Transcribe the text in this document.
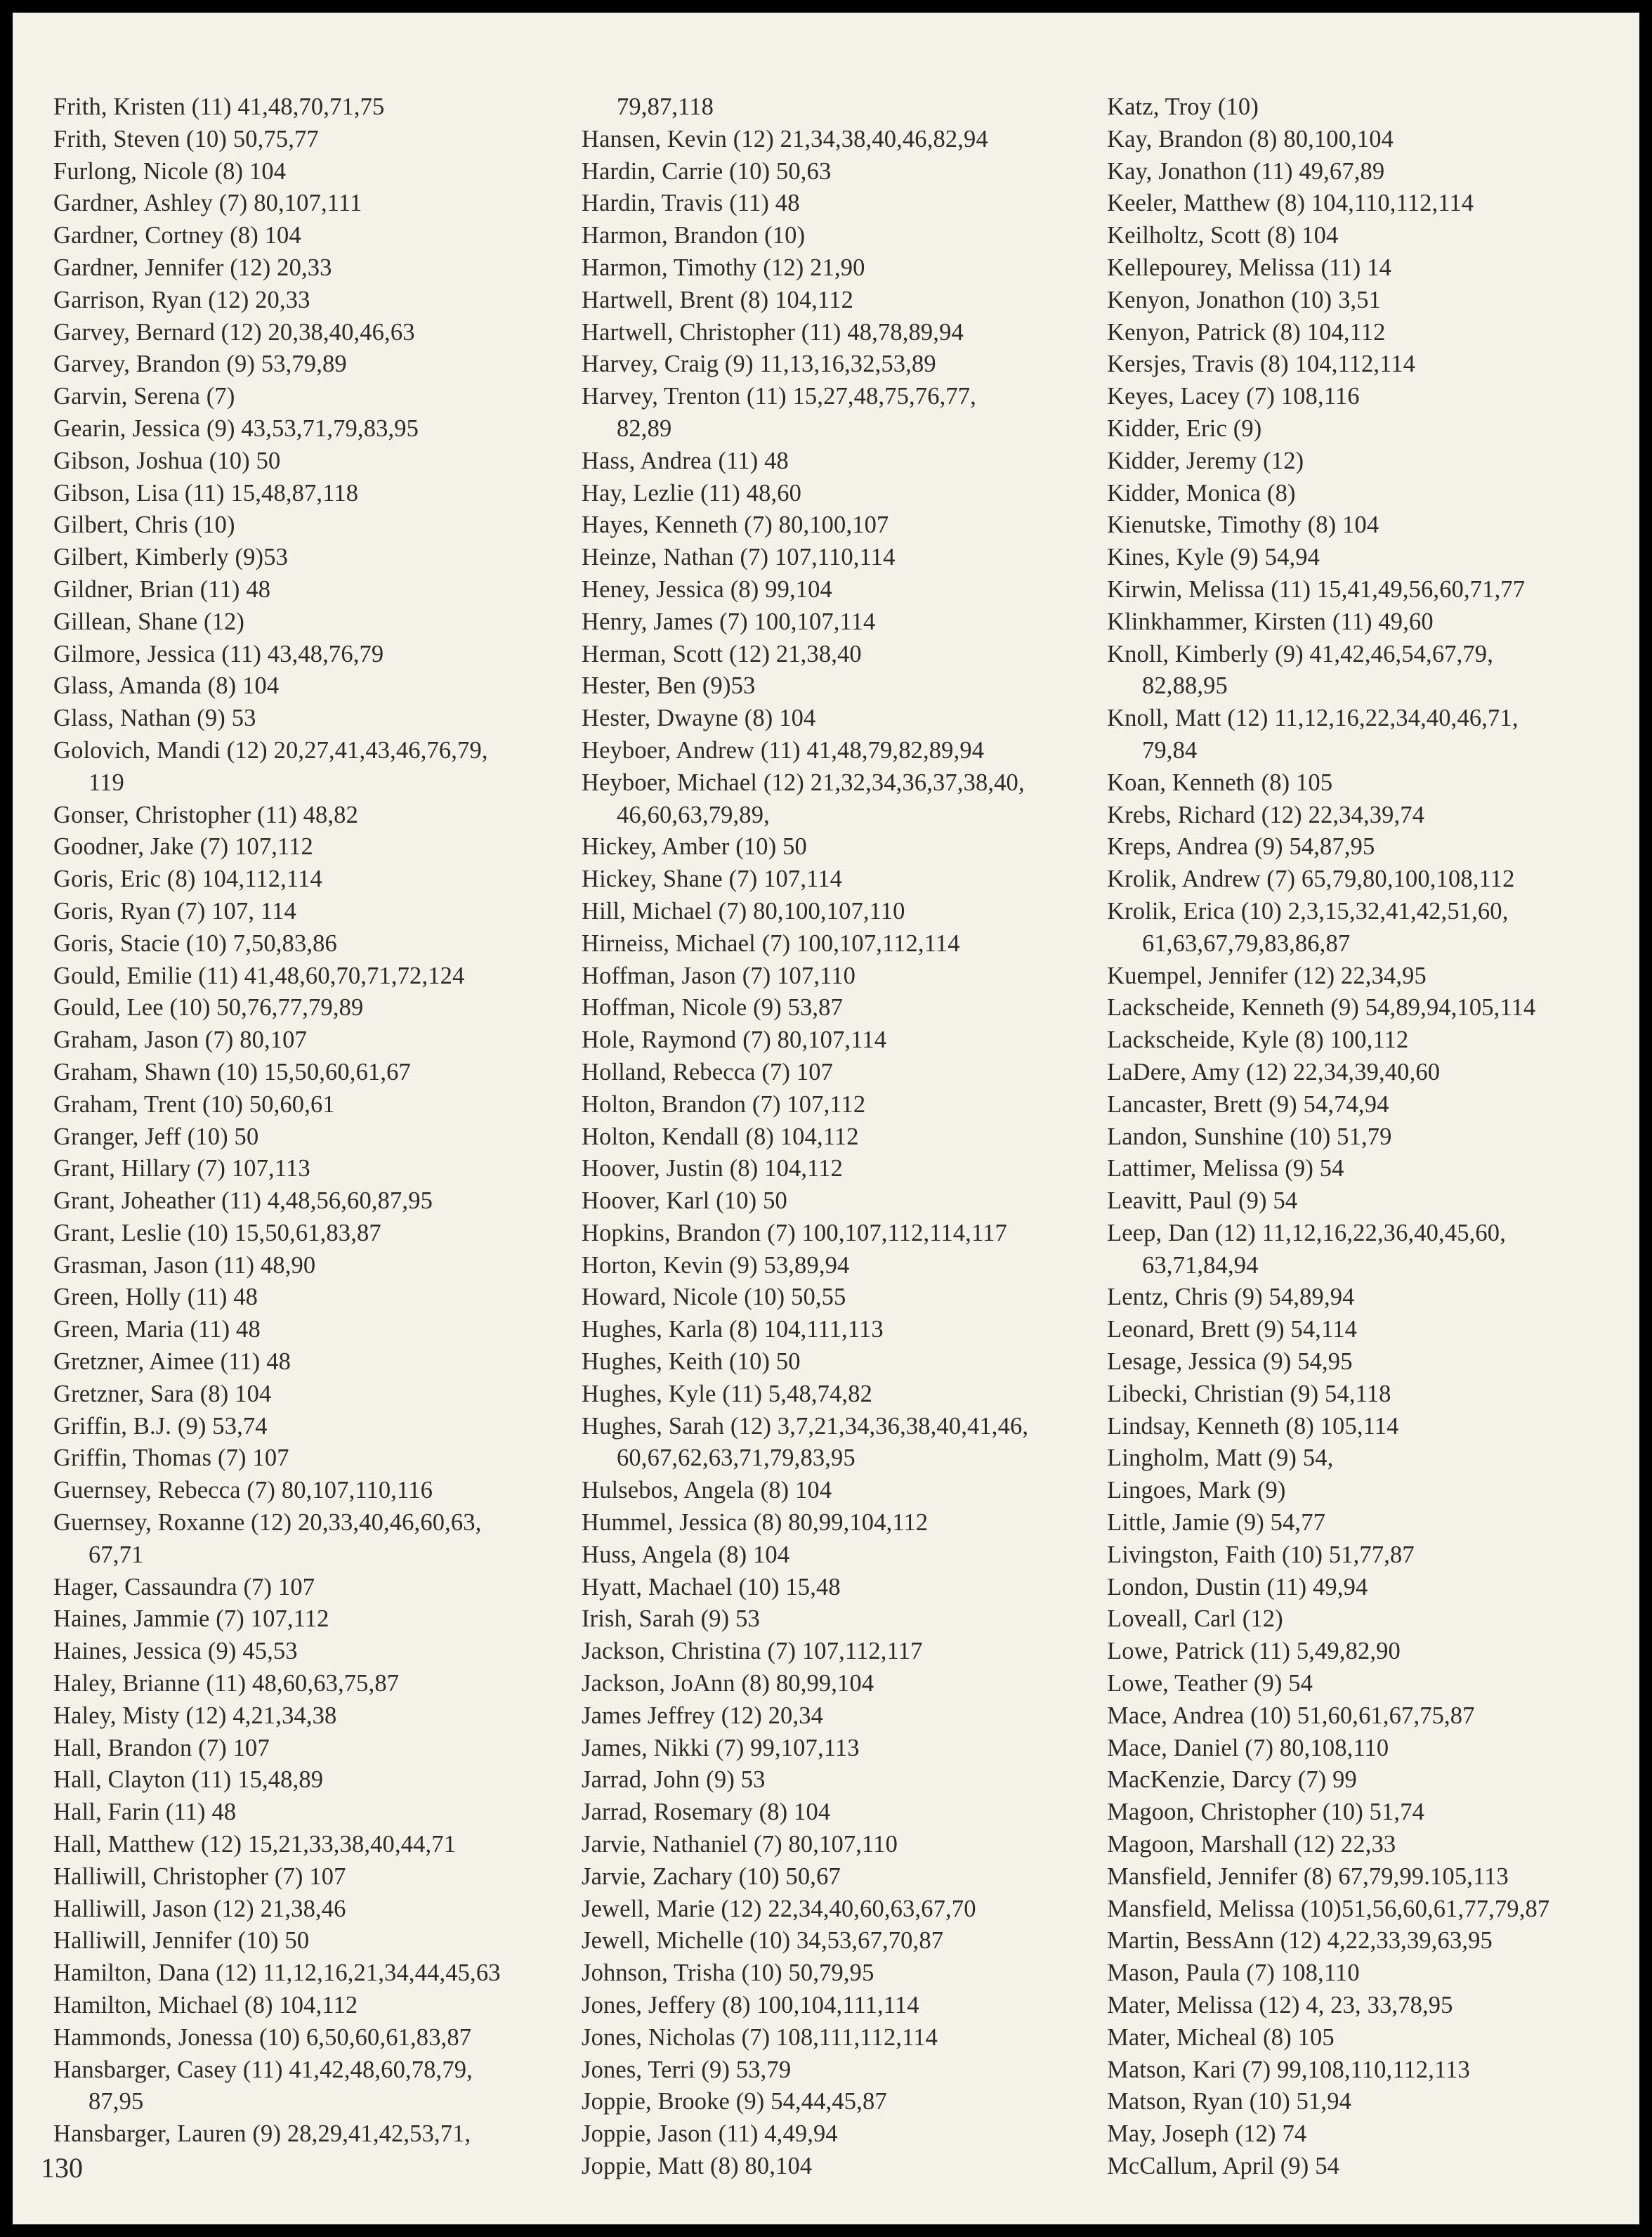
Frith, Kristen (11) 41,48,70,71,75
Frith, Steven (10) 50,75,77
Furlong, Nicole (8) 104
Gardner, Ashley (7) 80,107,111
Gardner, Cortney (8) 104
Gardner, Jennifer (12) 20,33
Garrison, Ryan (12) 20,33
Garvey, Bernard (12) 20,38,40,46,63
Garvey, Brandon (9) 53,79,89
Garvin, Serena (7)
Gearin, Jessica (9) 43,53,71,79,83,95
Gibson, Joshua (10) 50
Gibson, Lisa (11) 15,48,87,118
Gilbert, Chris (10)
Gilbert, Kimberly (9)53
Gildner, Brian (11) 48
Gillean, Shane (12)
Gilmore, Jessica (11) 43,48,76,79
Glass, Amanda (8) 104
Glass, Nathan (9) 53
Golovich, Mandi (12) 20,27,41,43,46,76,79,
119
Gonser, Christopher (11) 48,82
Goodner, Jake (7) 107,112
Goris, Eric (8) 104,112,114
Goris, Ryan (7) 107, 114
Goris, Stacie (10) 7,50,83,86
Gould, Emilie (11) 41,48,60,70,71,72,124
Gould, Lee (10) 50,76,77,79,89
Graham, Jason (7) 80,107
Graham, Shawn (10) 15,50,60,61,67
Graham, Trent (10) 50,60,61
Granger, Jeff (10) 50
Grant, Hillary (7) 107,113
Grant, Joheather (11) 4,48,56,60,87,95
Grant, Leslie (10) 15,50,61,83,87
Grasman, Jason (11) 48,90
Green, Holly (11) 48
Green, Maria (11) 48
Gretzner, Aimee (11) 48
Gretzner, Sara (8) 104
Griffin, B.J. (9) 53,74
Griffin, Thomas (7) 107
Guernsey, Rebecca (7) 80,107,110,116
Guernsey, Roxanne (12) 20,33,40,46,60,63,
67,71
Hager, Cassaundra (7) 107
Haines, Jammie (7) 107,112
Haines, Jessica (9) 45,53
Haley, Brianne (11) 48,60,63,75,87
Haley, Misty (12) 4,21,34,38
Hall, Brandon (7) 107
Hall, Clayton (11) 15,48,89
Hall, Farin (11) 48
Hall, Matthew (12) 15,21,33,38,40,44,71
Halliwill, Christopher (7) 107
Halliwill, Jason (12) 21,38,46
Halliwill, Jennifer (10) 50
Hamilton, Dana (12) 11,12,16,21,34,44,45,63
Hamilton, Michael (8) 104,112
Hammonds, Jonessa (10) 6,50,60,61,83,87
Hansbarger, Casey (11) 41,42,48,60,78,79,
87,95
Hansbarger, Lauren (9) 28,29,41,42,53,71,
79,87,118
Hansen, Kevin (12) 21,34,38,40,46,82,94
Hardin, Carrie (10) 50,63
Hardin, Travis (11) 48
Harmon, Brandon (10)
Harmon, Timothy (12) 21,90
Hartwell, Brent (8) 104,112
Hartwell, Christopher (11) 48,78,89,94
Harvey, Craig (9) 11,13,16,32,53,89
Harvey, Trenton (11) 15,27,48,75,76,77,
82,89
Hass, Andrea (11) 48
Hay, Lezlie (11) 48,60
Hayes, Kenneth (7) 80,100,107
Heinze, Nathan (7) 107,110,114
Heney, Jessica (8) 99,104
Henry, James (7) 100,107,114
Herman, Scott (12) 21,38,40
Hester, Ben (9)53
Hester, Dwayne (8) 104
Heyboer, Andrew (11) 41,48,79,82,89,94
Heyboer, Michael (12) 21,32,34,36,37,38,40,
46,60,63,79,89,
Hickey, Amber (10) 50
Hickey, Shane (7) 107,114
Hill, Michael (7) 80,100,107,110
Hirneiss, Michael (7) 100,107,112,114
Hoffman, Jason (7) 107,110
Hoffman, Nicole (9) 53,87
Hole, Raymond (7) 80,107,114
Holland, Rebecca (7) 107
Holton, Brandon (7) 107,112
Holton, Kendall (8) 104,112
Hoover, Justin (8) 104,112
Hoover, Karl (10) 50
Hopkins, Brandon (7) 100,107,112,114,117
Horton, Kevin (9) 53,89,94
Howard, Nicole (10) 50,55
Hughes, Karla (8) 104,111,113
Hughes, Keith (10) 50
Hughes, Kyle (11) 5,48,74,82
Hughes, Sarah (12) 3,7,21,34,36,38,40,41,46,
60,67,62,63,71,79,83,95
Hulsebos, Angela (8) 104
Hummel, Jessica (8) 80,99,104,112
Huss, Angela (8) 104
Hyatt, Machael (10) 15,48
Irish, Sarah (9) 53
Jackson, Christina (7) 107,112,117
Jackson, JoAnn (8) 80,99,104
James Jeffrey (12) 20,34
James, Nikki (7) 99,107,113
Jarrad, John (9) 53
Jarrad, Rosemary (8) 104
Jarvie, Nathaniel (7) 80,107,110
Jarvie, Zachary (10) 50,67
Jewell, Marie (12) 22,34,40,60,63,67,70
Jewell, Michelle (10) 34,53,67,70,87
Johnson, Trisha (10) 50,79,95
Jones, Jeffery (8) 100,104,111,114
Jones, Nicholas (7) 108,111,112,114
Jones, Terri (9) 53,79
Joppie, Brooke (9) 54,44,45,87
Joppie, Jason (11) 4,49,94
Joppie, Matt (8) 80,104
Katz, Troy (10)
Kay, Brandon (8) 80,100,104
Kay, Jonathon (11) 49,67,89
Keeler, Matthew (8) 104,110,112,114
Keilholtz, Scott (8) 104
Kellepourey, Melissa (11) 14
Kenyon, Jonathon (10) 3,51
Kenyon, Patrick (8) 104,112
Kersjes, Travis (8) 104,112,114
Keyes, Lacey (7) 108,116
Kidder, Eric (9)
Kidder, Jeremy (12)
Kidder, Monica (8)
Kienutske, Timothy (8) 104
Kines, Kyle (9) 54,94
Kirwin, Melissa (11) 15,41,49,56,60,71,77
Klinkhammer, Kirsten (11) 49,60
Knoll, Kimberly (9) 41,42,46,54,67,79,
82,88,95
Knoll, Matt (12) 11,12,16,22,34,40,46,71,
79,84
Koan, Kenneth (8) 105
Krebs, Richard (12) 22,34,39,74
Kreps, Andrea (9) 54,87,95
Krolik, Andrew (7) 65,79,80,100,108,112
Krolik, Erica (10) 2,3,15,32,41,42,51,60,
61,63,67,79,83,86,87
Kuempel, Jennifer (12) 22,34,95
Lackscheide, Kenneth (9) 54,89,94,105,114
Lackscheide, Kyle (8) 100,112
LaDere, Amy (12) 22,34,39,40,60
Lancaster, Brett (9) 54,74,94
Landon, Sunshine (10) 51,79
Lattimer, Melissa (9) 54
Leavitt, Paul (9) 54
Leep, Dan (12) 11,12,16,22,36,40,45,60,
63,71,84,94
Lentz, Chris (9) 54,89,94
Leonard, Brett (9) 54,114
Lesage, Jessica (9) 54,95
Libecki, Christian (9) 54,118
Lindsay, Kenneth (8) 105,114
Lingholm, Matt (9) 54,
Lingoes, Mark (9)
Little, Jamie (9) 54,77
Livingston, Faith (10) 51,77,87
London, Dustin (11) 49,94
Loveall, Carl (12)
Lowe, Patrick (11) 5,49,82,90
Lowe, Teather (9) 54
Mace, Andrea (10) 51,60,61,67,75,87
Mace, Daniel (7) 80,108,110
MacKenzie, Darcy (7) 99
Magoon, Christopher (10) 51,74
Magoon, Marshall (12) 22,33
Mansfield, Jennifer (8) 67,79,99.105,113
Mansfield, Melissa (10)51,56,60,61,77,79,87
Martin, BessAnn (12) 4,22,33,39,63,95
Mason, Paula (7) 108,110
Mater, Melissa (12) 4, 23, 33,78,95
Mater, Micheal (8) 105
Matson, Kari (7) 99,108,110,112,113
Matson, Ryan (10) 51,94
May, Joseph (12) 74
McCallum, April (9) 54
130
